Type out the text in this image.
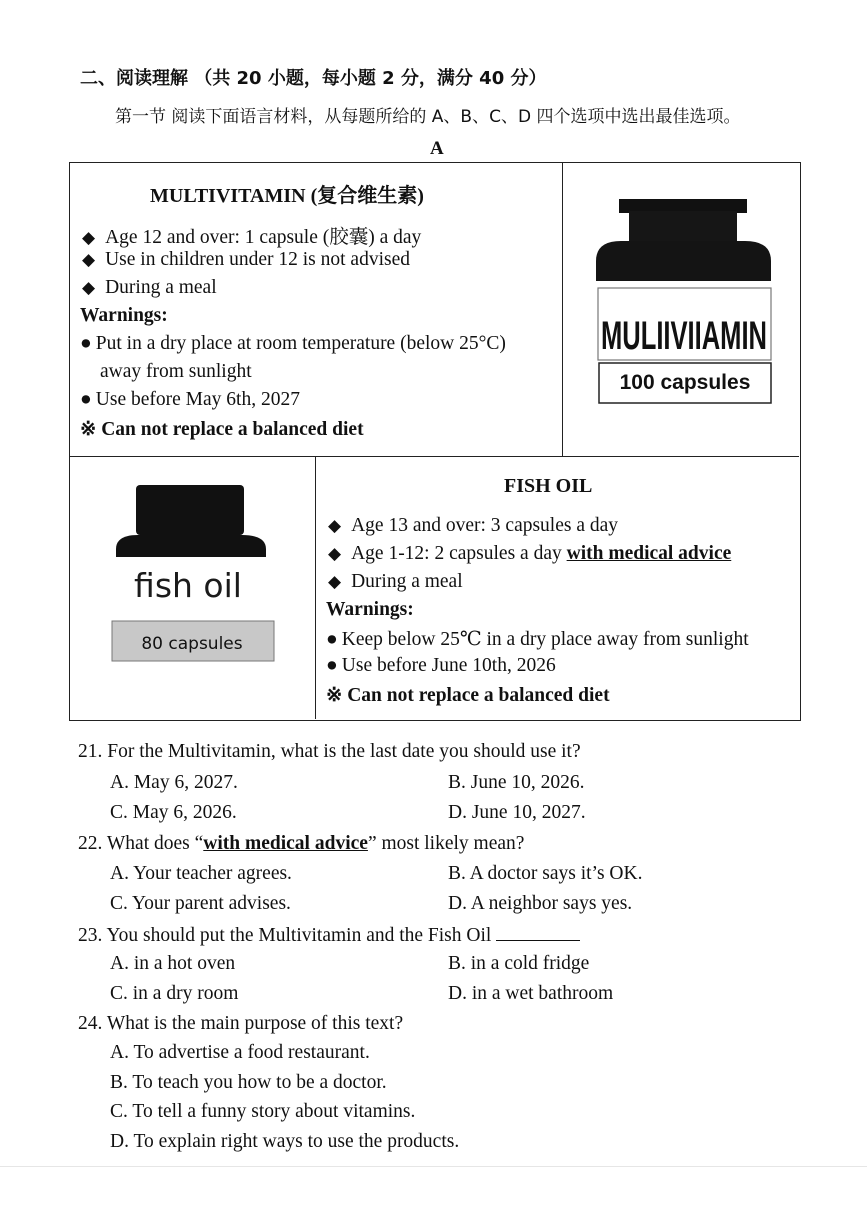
二、阅读理解 （共 20 小题，每小题 2 分，满分 40 分）
第一节 阅读下面语言材料，从每题所给的 A、B、C、D 四个选项中选出最佳选项。
A
MULTIVITAMIN (复合维生素)
◆ Age 12 and over: 1 capsule (胶囊) a day
◆ Use in children under 12 is not advised
◆ During a meal
Warnings:
● Put in a dry place at room temperature (below 25°C)
away from sunlight
● Use before May 6th, 2027
※ Can not replace a balanced diet
MULIIVIIAMIN
100 capsules
fish oil
80 capsules
FISH OIL
◆ Age 13 and over: 3 capsules a day
◆ Age 1-12: 2 capsules a day with medical advice
◆ During a meal
Warnings:
● Keep below 25℃ in a dry place away from sunlight
● Use before June 10th, 2026
※ Can not replace a balanced diet
21. For the Multivitamin, what is the last date you should use it?
A. May 6, 2027.	B. June 10, 2026.
C. May 6, 2026.	D. June 10, 2027.
22. What does “with medical advice” most likely mean?
A. Your teacher agrees.	B. A doctor says it’s OK.
C. Your parent advises.	D. A neighbor says yes.
23. You should put the Multivitamin and the Fish Oil
A. in a hot oven	B. in a cold fridge
C. in a dry room	D. in a wet bathroom
24. What is the main purpose of this text?
A. To advertise a food restaurant.
B. To teach you how to be a doctor.
C. To tell a funny story about vitamins.
D. To explain right ways to use the products.
